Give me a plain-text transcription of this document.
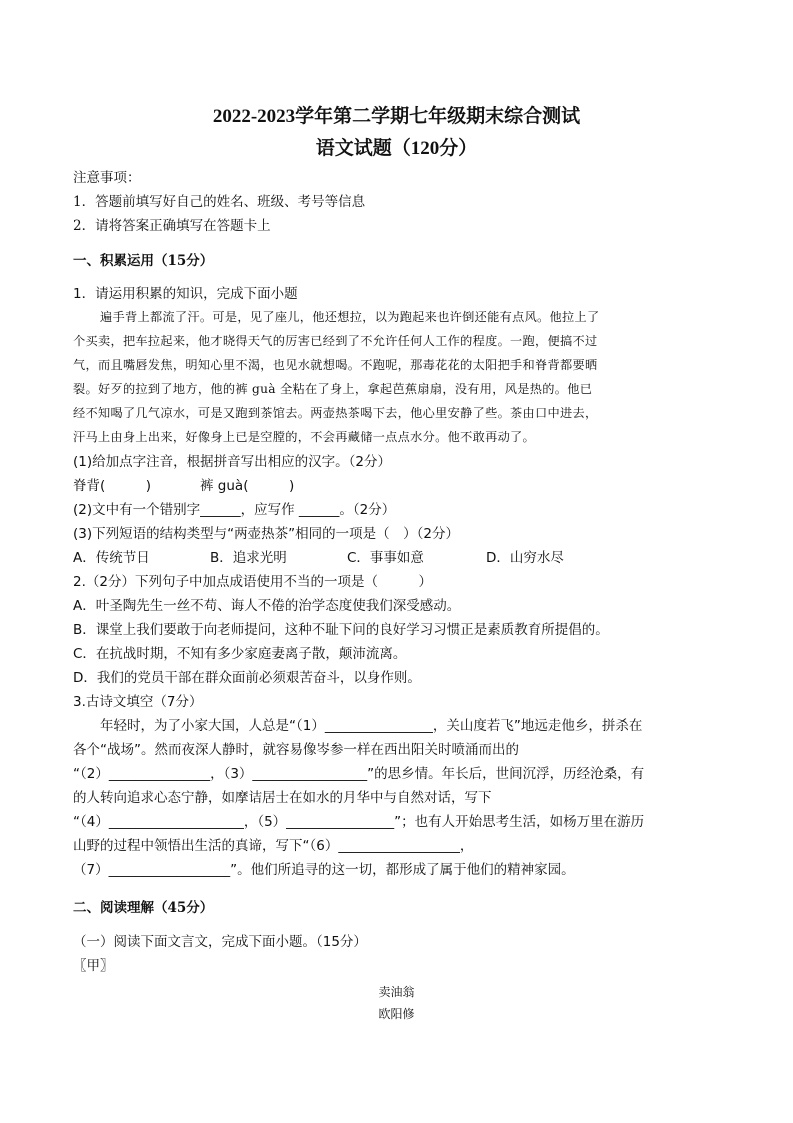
2022-2023学年第二学期七年级期末综合测试
语文试题（120分）
注意事项：
1．答题前填写好自己的姓名、班级、考号等信息
2．请将答案正确填写在答题卡上
一、积累运用（15分）
1．请运用积累的知识，完成下面小题
遍手背上都流了汗。可是，见了座儿，他还想拉，以为跑起来也许倒还能有点风。他拉上了
个买卖，把车拉起来，他才晓得天气的厉害已经到了不允许任何人工作的程度。一跑，便搞不过
气，而且嘴唇发焦，明知心里不渴，也见水就想喝。不跑呢，那毒花花的太阳把手和脊背都要晒
裂。好歹的拉到了地方，他的裤 guà 全粘在了身上，拿起芭蕉扇扇，没有用，风是热的。他已
经不知喝了几气凉水，可是又跑到茶馆去。两壶热茶喝下去，他心里安静了些。茶由口中进去，
汗马上由身上出来，好像身上已是空膛的，不会再藏储一点点水分。他不敢再动了。
(1)给加点字注音，根据拼音写出相应的汉字。（2分）
脊背(　　　)	裤 guà(　　　)
(2)文中有一个错别字______，应写作 ______。（2分）
(3)下列短语的结构类型与“两壶热茶”相同的一项是（　）（2分）
A．传统节日	B．追求光明	C．事事如意	D．山穷水尽
2.（2分）下列句子中加点成语使用不当的一项是（　　　）
A．叶圣陶先生一丝不苟、诲人不倦的治学态度使我们深受感动。
B．课堂上我们要敢于向老师提问，这种不耻下问的良好学习习惯正是素质教育所提倡的。
C．在抗战时期，不知有多少家庭妻离子散，颠沛流离。
D．我们的党员干部在群众面前必须艰苦奋斗，以身作则。
3.古诗文填空（7分）
年轻时，为了小家大国，人总是“（1）________________，关山度若飞”地远走他乡，拼杀在
各个“战场”。然而夜深人静时，就容易像岑参一样在西出阳关时喷涌而出的
“（2）_______________，（3）_________________”的思乡情。年长后，世间沉浮，历经沧桑，有
的人转向追求心态宁静，如摩诘居士在如水的月华中与自然对话，写下
“（4）____________________，（5）________________”；也有人开始思考生活，如杨万里在游历
山野的过程中领悟出生活的真谛，写下“（6）__________________，
（7）__________________”。他们所追寻的这一切，都形成了属于他们的精神家园。
二、阅读理解（45分）
（一）阅读下面文言文，完成下面小题。（15分）
〖甲〗
卖油翁
欧阳修
